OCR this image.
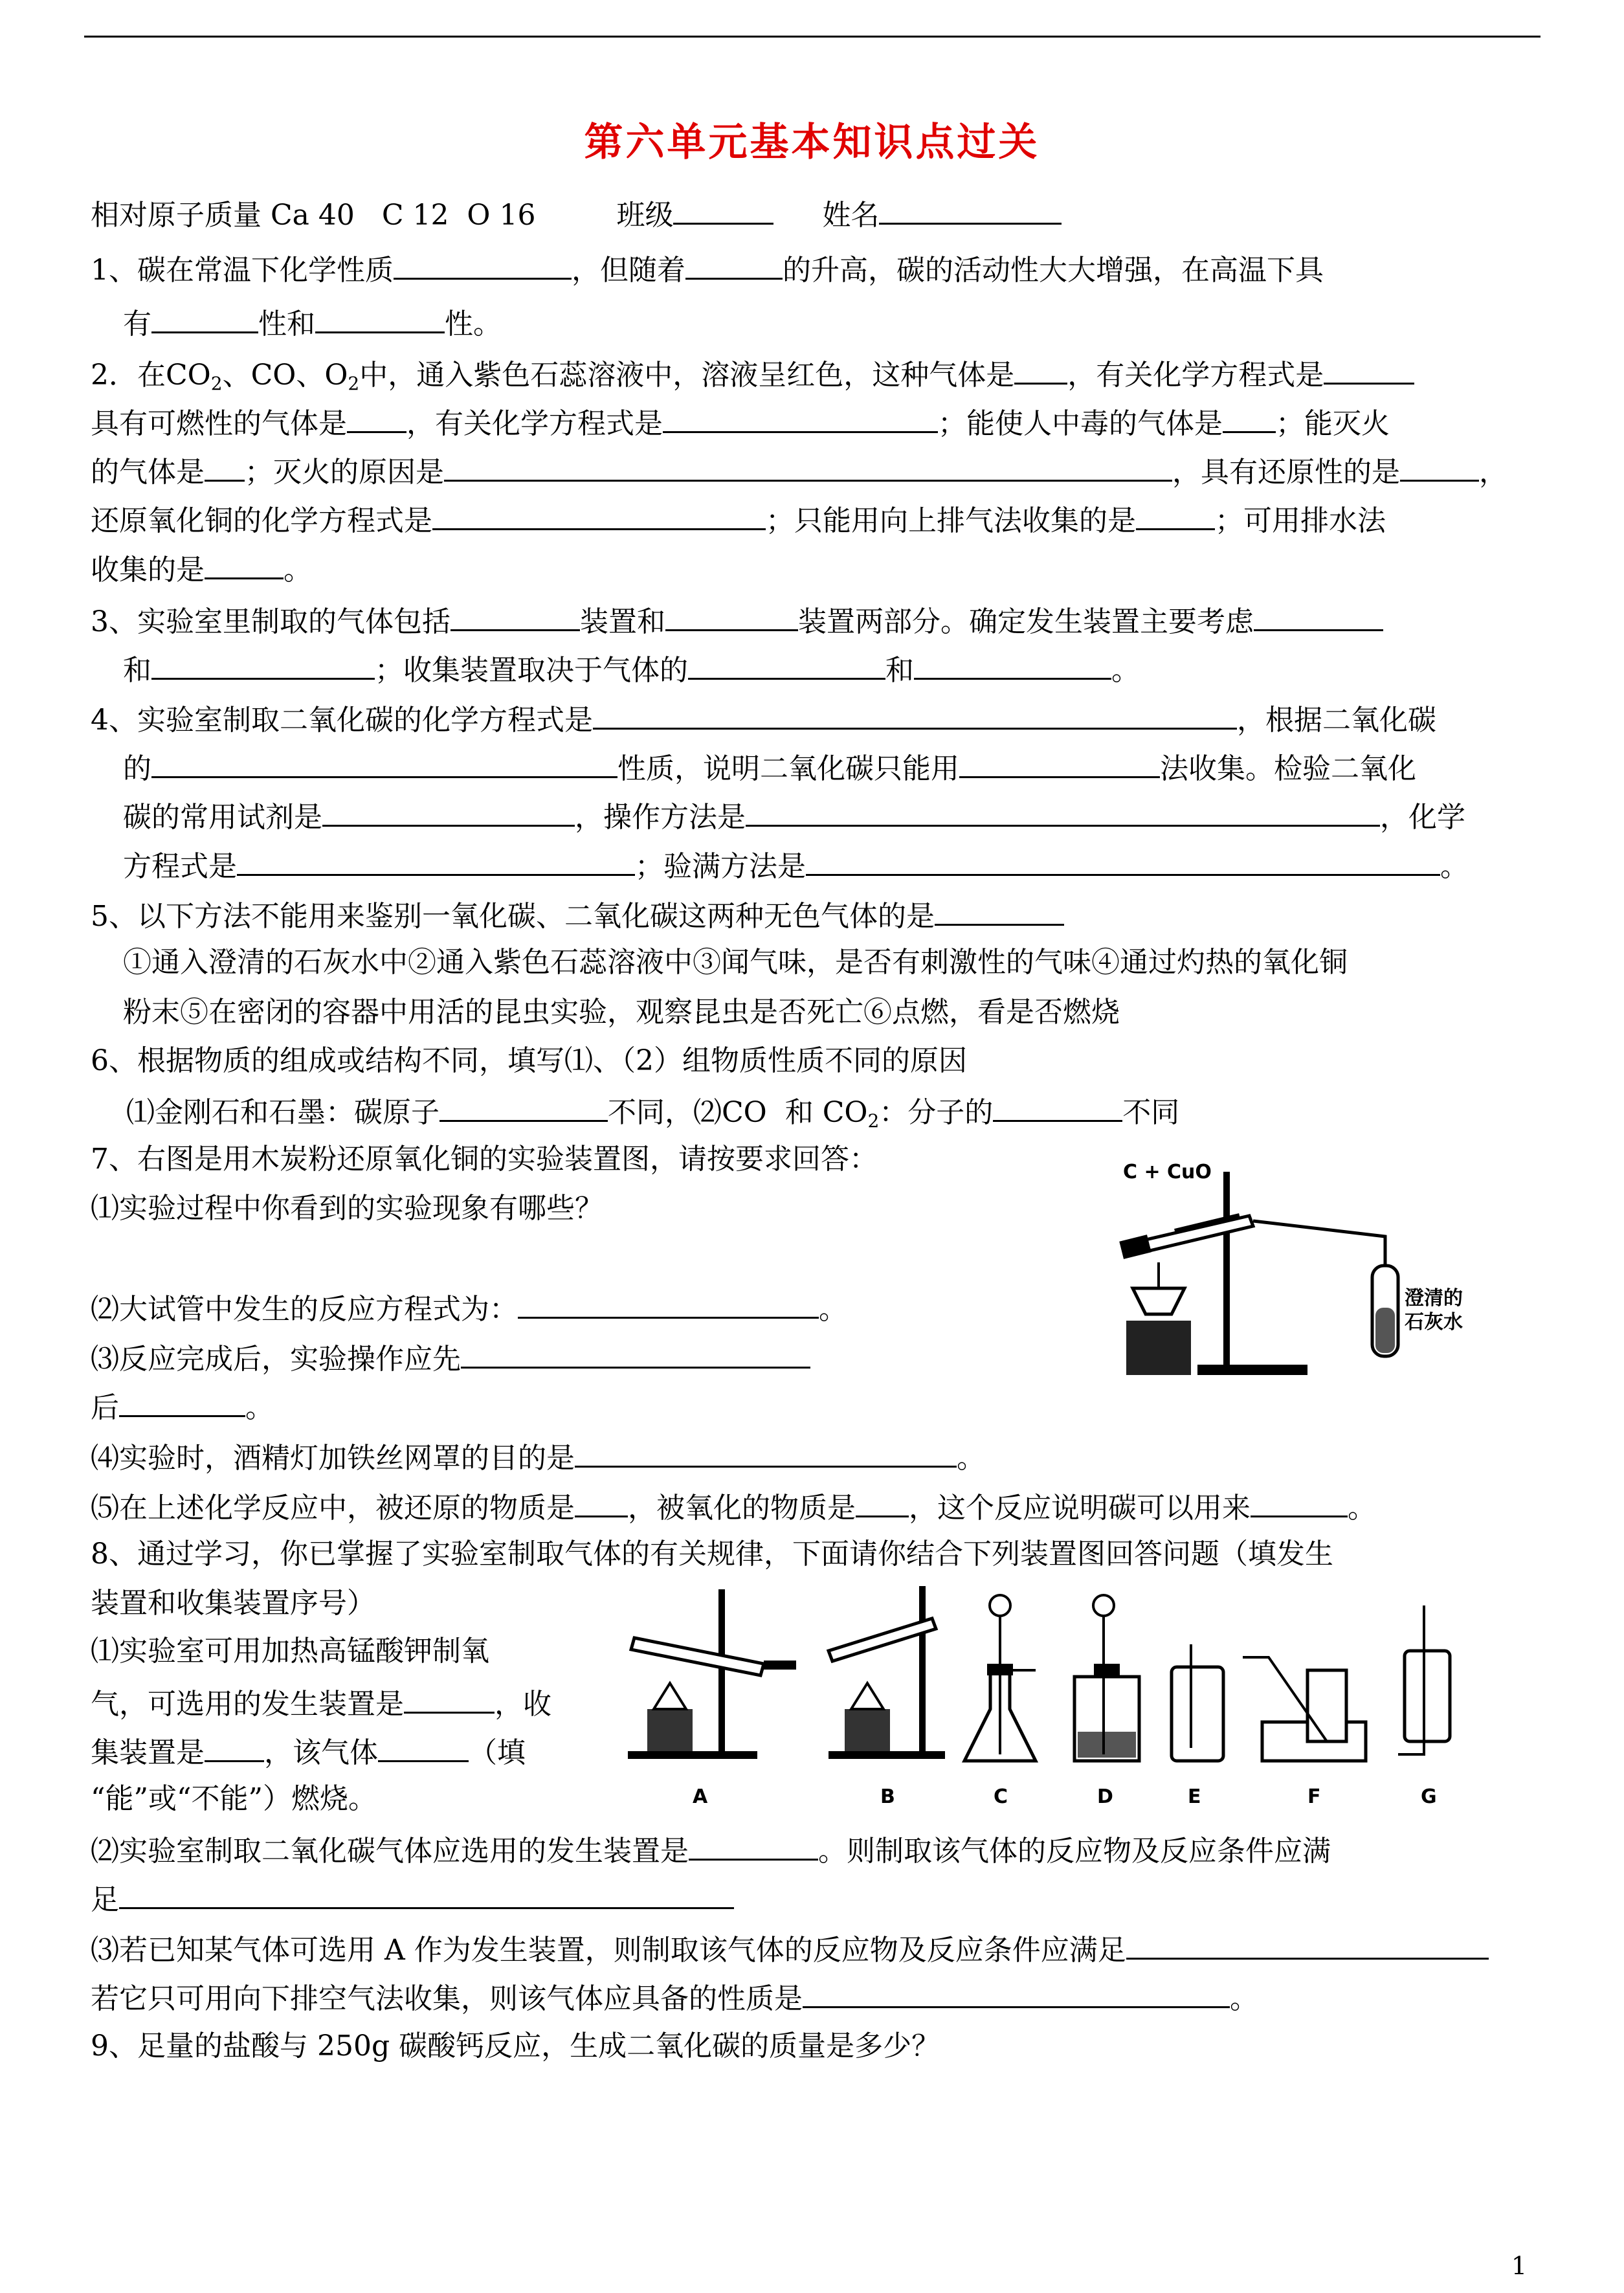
第六单元基本知识点过关
相对原子质量 Ca 40   C 12  O 16	班级	姓名
1、碳在常温下化学性质	，但随着	的升高，碳的活动性大大增强，在高温下具
有	性和	性。
2．在$CO_2$、CO、$O_2$中，通入紫色石蕊溶液中，溶液呈红色，这种气体是 ，有关化学方程式是
具有可燃性的气体是 ，有关化学方程式是	；能使人中毒的气体是 ；能灭火
的气体是 ；灭火的原因是	，具有还原性的是	，
还原氧化铜的化学方程式是	；只能用向上排气法收集的是	；可用排水法
收集的是	。
3、实验室里制取的气体包括	装置和	装置两部分。确定发生装置主要考虑
和	；收集装置取决于气体的	和	。
4、实验室制取二氧化碳的化学方程式是	，根据二氧化碳
的	性质，说明二氧化碳只能用	法收集。检验二氧化
碳的常用试剂是	，操作方法是	，化学
方程式是	；验满方法是	。
5、以下方法不能用来鉴别一氧化碳、二氧化碳这两种无色气体的是
①通入澄清的石灰水中②通入紫色石蕊溶液中③闻气味，是否有刺激性的气味④通过灼热的氧化铜
粉末⑤在密闭的容器中用活的昆虫实验，观察昆虫是否死亡⑥点燃，看是否燃烧
6、根据物质的组成或结构不同，填写⑴、（2）组物质性质不同的原因
⑴金刚石和石墨：碳原子	不同，⑵CO  和 $CO_2$：分子的	不同
7、右图是用木炭粉还原氧化铜的实验装置图，请按要求回答：
⑴实验过程中你看到的实验现象有哪些？
⑵大试管中发生的反应方程式为：	。
⑶反应完成后，实验操作应先
后	。
⑷实验时，酒精灯加铁丝网罩的目的是	。
⑸在上述化学反应中，被还原的物质是 ，被氧化的物质是 ，这个反应说明碳可以用来	。
C + CuO
澄清的
石灰水
8、通过学习，你已掌握了实验室制取气体的有关规律，下面请你结合下列装置图回答问题（填发生
装置和收集装置序号）
⑴实验室可用加热高锰酸钾制氧
气，可选用的发生装置是	，收
集装置是 ，该气体	（填
“能”或“不能”）燃烧。
⑵实验室制取二氧化碳气体应选用的发生装置是	。则制取该气体的反应物及反应条件应满
足
⑶若已知某气体可选用 A 作为发生装置，则制取该气体的反应物及反应条件应满足
若它只可用向下排空气法收集，则该气体应具备的性质是	。
A	B	C	D	E	F	G
9、足量的盐酸与 250g 碳酸钙反应，生成二氧化碳的质量是多少？
1
